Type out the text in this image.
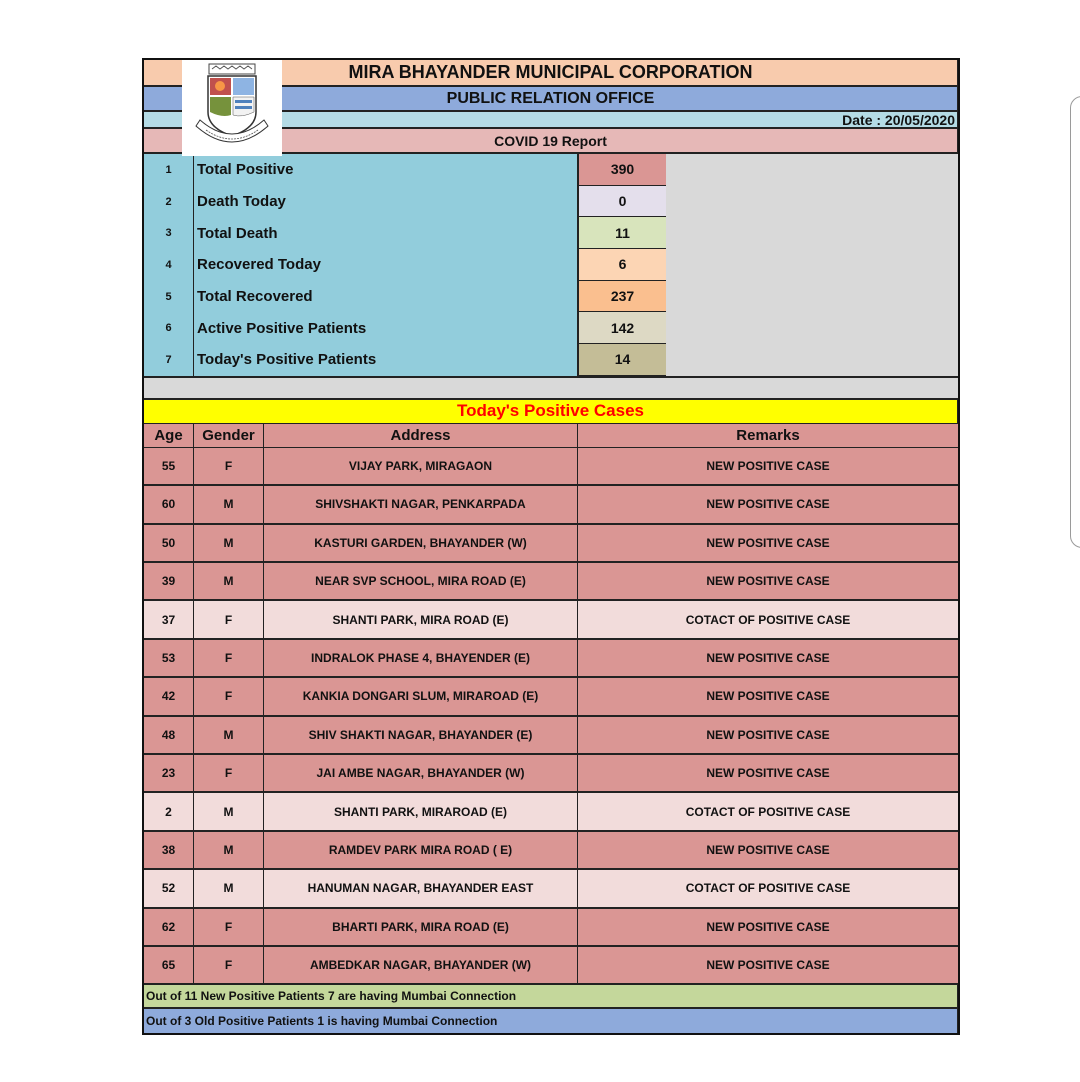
MIRA BHAYANDER MUNICIPAL CORPORATION
PUBLIC RELATION OFFICE
Date : 20/05/2020
COVID 19 Report
1	Total Positive	390
2	Death Today	0
3	Total Death	11
4	Recovered Today	6
5	Total Recovered	237
6	Active Positive Patients	142
7	Today's Positive Patients	14
Today's Positive Cases
Age	Gender	Address	Remarks
55	F	VIJAY PARK, MIRAGAON	NEW POSITIVE CASE
60	M	SHIVSHAKTI NAGAR, PENKARPADA	NEW POSITIVE CASE
50	M	KASTURI GARDEN, BHAYANDER (W)	NEW POSITIVE CASE
39	M	NEAR SVP SCHOOL, MIRA ROAD (E)	NEW POSITIVE CASE
37	F	SHANTI PARK, MIRA ROAD (E)	COTACT OF POSITIVE CASE
53	F	INDRALOK PHASE 4, BHAYENDER (E)	NEW POSITIVE CASE
42	F	KANKIA DONGARI SLUM, MIRAROAD (E)	NEW POSITIVE CASE
48	M	SHIV SHAKTI NAGAR, BHAYANDER (E)	NEW POSITIVE CASE
23	F	JAI AMBE NAGAR, BHAYANDER (W)	NEW POSITIVE CASE
2	M	SHANTI PARK, MIRAROAD (E)	COTACT OF POSITIVE CASE
38	M	RAMDEV PARK MIRA ROAD ( E)	NEW POSITIVE CASE
52	M	HANUMAN NAGAR, BHAYANDER EAST	COTACT OF POSITIVE CASE
62	F	BHARTI PARK, MIRA ROAD (E)	NEW POSITIVE CASE
65	F	AMBEDKAR NAGAR, BHAYANDER (W)	NEW POSITIVE CASE
Out of 11 New Positive Patients 7 are having Mumbai Connection
Out of 3 Old Positive Patients 1 is having Mumbai Connection
